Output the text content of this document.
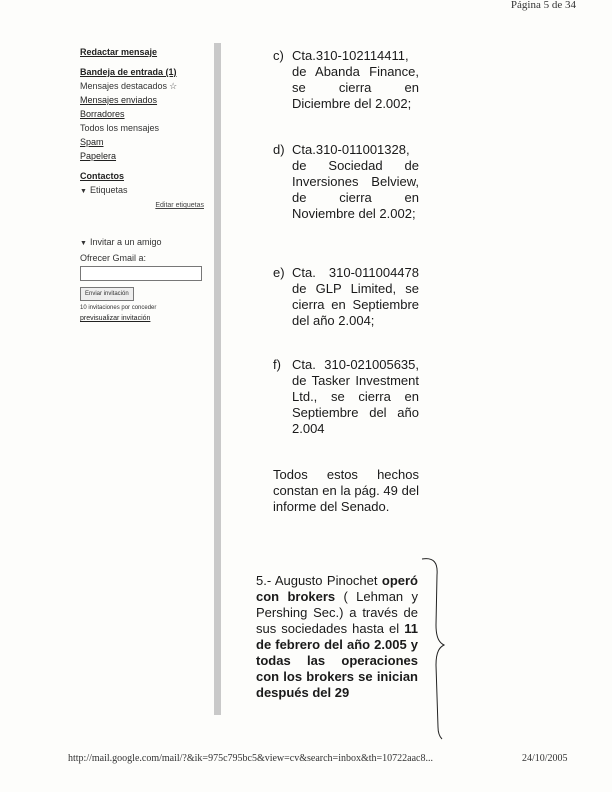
Página 5 de 34
Redactar mensaje
Bandeja de entrada (1)
Mensajes destacados ☆
Mensajes enviados
Borradores
Todos los mensajes
Spam
Papelera
Contactos
▼ Etiquetas
Editar etiquetas
▼ Invitar a un amigo
Ofrecer Gmail a:
Enviar invitación
10 invitaciones por conceder
previsualizar invitación
c) Cta.310-102114411, de Abanda Finance, se cierra en Diciembre del 2.002;
d) Cta.310-011001328, de Sociedad de Inversiones Belview, de cierra en Noviembre del 2.002;
e) Cta. 310-011004478 de GLP Limited, se cierra en Septiembre del año 2.004;
f) Cta. 310-021005635, de Tasker Investment Ltd., se cierra en Septiembre del año 2.004
Todos estos hechos constan en la pág. 49 del informe del Senado.
5.- Augusto Pinochet operó con brokers ( Lehman y Pershing Sec.) a través de sus sociedades hasta el 11 de febrero del año 2.005 y todas las operaciones con los brokers se inician después del 29
http://mail.google.com/mail/?&ik=975c795bc5&view=cv&search=inbox&th=10722aac8...	24/10/2005
